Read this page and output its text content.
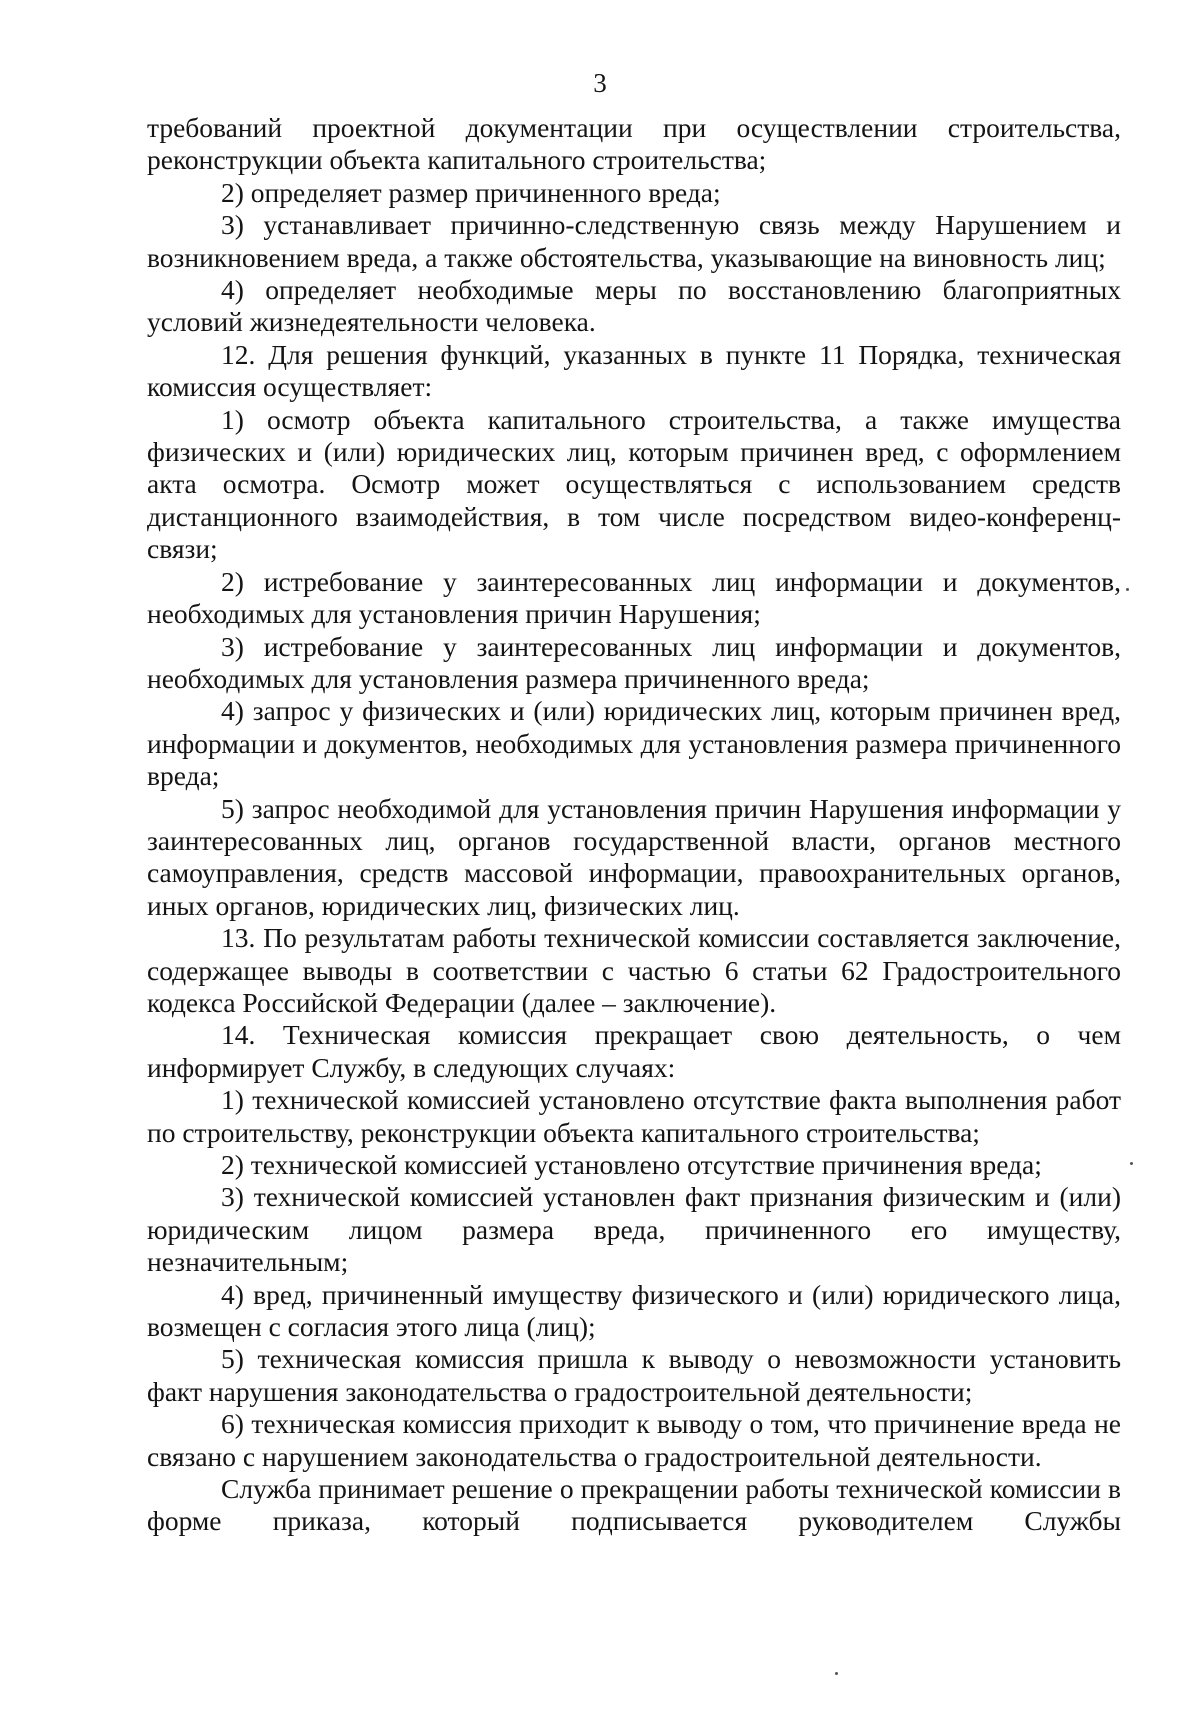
3

требований проектной документации при осуществлении строительства, реконструкции объекта капитального строительства;

2) определяет размер причиненного вреда;

3) устанавливает причинно-следственную связь между Нарушением и возникновением вреда, а также обстоятельства, указывающие на виновность лиц;

4) определяет необходимые меры по восстановлению благоприятных условий жизнедеятельности человека.

12. Для решения функций, указанных в пункте 11 Порядка, техническая комиссия осуществляет:

1) осмотр объекта капитального строительства, а также имущества физических и (или) юридических лиц, которым причинен вред, с оформлением акта осмотра. Осмотр может осуществляться с использованием средств дистанционного взаимодействия, в том числе посредством видео-конференц-связи;

2) истребование у заинтересованных лиц информации и документов, необходимых для установления причин Нарушения;

3) истребование у заинтересованных лиц информации и документов, необходимых для установления размера причиненного вреда;

4) запрос у физических и (или) юридических лиц, которым причинен вред, информации и документов, необходимых для установления размера причиненного вреда;

5) запрос необходимой для установления причин Нарушения информации у заинтересованных лиц, органов государственной власти, органов местного самоуправления, средств массовой информации, правоохранительных органов, иных органов, юридических лиц, физических лиц.

13. По результатам работы технической комиссии составляется заключение, содержащее выводы в соответствии с частью 6 статьи 62 Градостроительного кодекса Российской Федерации (далее – заключение).

14. Техническая комиссия прекращает свою деятельность, о чем информирует Службу, в следующих случаях:

1) технической комиссией установлено отсутствие факта выполнения работ по строительству, реконструкции объекта капитального строительства;

2) технической комиссией установлено отсутствие причинения вреда;

3) технической комиссией установлен факт признания физическим и (или) юридическим лицом размера вреда, причиненного его имуществу, незначительным;

4) вред, причиненный имуществу физического и (или) юридического лица, возмещен с согласия этого лица (лиц);

5) техническая комиссия пришла к выводу о невозможности установить факт нарушения законодательства о градостроительной деятельности;

6) техническая комиссия приходит к выводу о том, что причинение вреда не связано с нарушением законодательства о градостроительной деятельности.

Служба принимает решение о прекращении работы технической комиссии в форме приказа, который подписывается руководителем Службы
